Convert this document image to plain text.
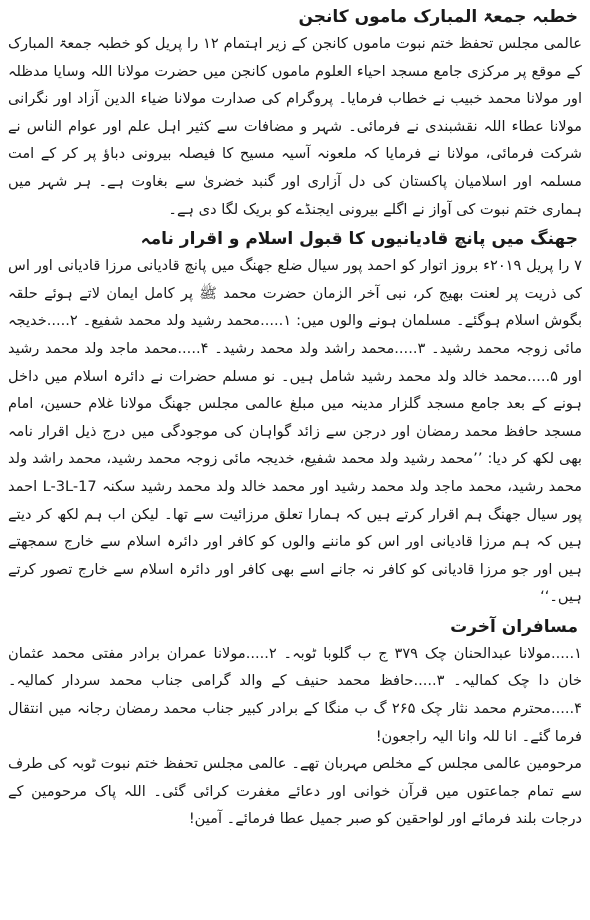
خطبہ جمعۃ المبارک ماموں کانجن

عالمی مجلس تحفظ ختم نبوت ماموں کانجن کے زیر اہتمام ۱۲ را پریل کو خطبہ جمعۃ المبارک کے موقع پر مرکزی جامع مسجد احیاء العلوم ماموں کانجن میں حضرت مولانا اللہ وسایا مدظلہ اور مولانا محمد خبیب نے خطاب فرمایا۔ پروگرام کی صدارت مولانا ضیاء الدین آزاد اور نگرانی مولانا عطاء اللہ نقشبندی نے فرمائی۔ شہر و مضافات سے کثیر اہل علم اور عوام الناس نے شرکت فرمائی، مولانا نے فرمایا کہ ملعونہ آسیہ مسیح کا فیصلہ بیرونی دباؤ پر کر کے امت مسلمہ اور اسلامیان پاکستان کی دل آزاری اور گنبد خضریٰ سے بغاوت ہے۔ ہر شہر میں ہماری ختم نبوت کی آواز نے اگلے بیرونی ایجنڈے کو بریک لگا دی ہے۔

جھنگ میں پانچ قادیانیوں کا قبول اسلام و اقرار نامہ

۷ را پریل ۲۰۱۹ء بروز اتوار کو احمد پور سیال ضلع جھنگ میں پانچ قادیانی مرزا قادیانی اور اس کی ذریت پر لعنت بھیج کر، نبی آخر الزمان حضرت محمد ﷺ پر کامل ایمان لاتے ہوئے حلقہ بگوش اسلام ہوگئے۔ مسلمان ہونے والوں میں: ۱.....محمد رشید ولد محمد شفیع۔ ۲.....خدیجہ مائی زوجہ محمد رشید۔ ۳.....محمد راشد ولد محمد رشید۔ ۴.....محمد ماجد ولد محمد رشید اور ۵.....محمد خالد ولد محمد رشید شامل ہیں۔ نو مسلم حضرات نے دائرہ اسلام میں داخل ہونے کے بعد جامع مسجد گلزار مدینہ میں مبلغ عالمی مجلس جھنگ مولانا غلام حسین، امام مسجد حافظ محمد رمضان اور درجن سے زائد گواہان کی موجودگی میں درج ذیل اقرار نامہ بھی لکھ کر دیا: ’’محمد رشید ولد محمد شفیع، خدیجہ مائی زوجہ محمد رشید، محمد راشد ولد محمد رشید، محمد ماجد ولد محمد رشید اور محمد خالد ولد محمد رشید سکنہ L-3L-17 احمد پور سیال جھنگ ہم اقرار کرتے ہیں کہ ہمارا تعلق مرزائیت سے تھا۔ لیکن اب ہم لکھ کر دیتے ہیں کہ ہم مرزا قادیانی اور اس کو ماننے والوں کو کافر اور دائرہ اسلام سے خارج سمجھتے ہیں اور جو مرزا قادیانی کو کافر نہ جانے اسے بھی کافر اور دائرہ اسلام سے خارج تصور کرتے ہیں۔‘‘

مسافران آخرت

۱.....مولانا عبدالحنان چک ۳۷۹ ج ب گلوبا ٹوبہ۔ ۲.....مولانا عمران برادر مفتی محمد عثمان خان دا چک کمالیہ۔ ۳.....حافظ محمد حنیف کے والد گرامی جناب محمد سردار کمالیہ۔ ۴.....محترم محمد نثار چک ۲۶۵ گ ب منگا کے برادر کبیر جناب محمد رمضان رجانہ میں انتقال فرما گئے۔ انا للہ وانا الیہ راجعون!

مرحومین عالمی مجلس کے مخلص مہربان تھے۔ عالمی مجلس تحفظ ختم نبوت ٹوبہ کی طرف سے تمام جماعتوں میں قرآن خوانی اور دعائے مغفرت کرائی گئی۔ اللہ پاک مرحومین کے درجات بلند فرمائے اور لواحقین کو صبر جمیل عطا فرمائے۔ آمین!
